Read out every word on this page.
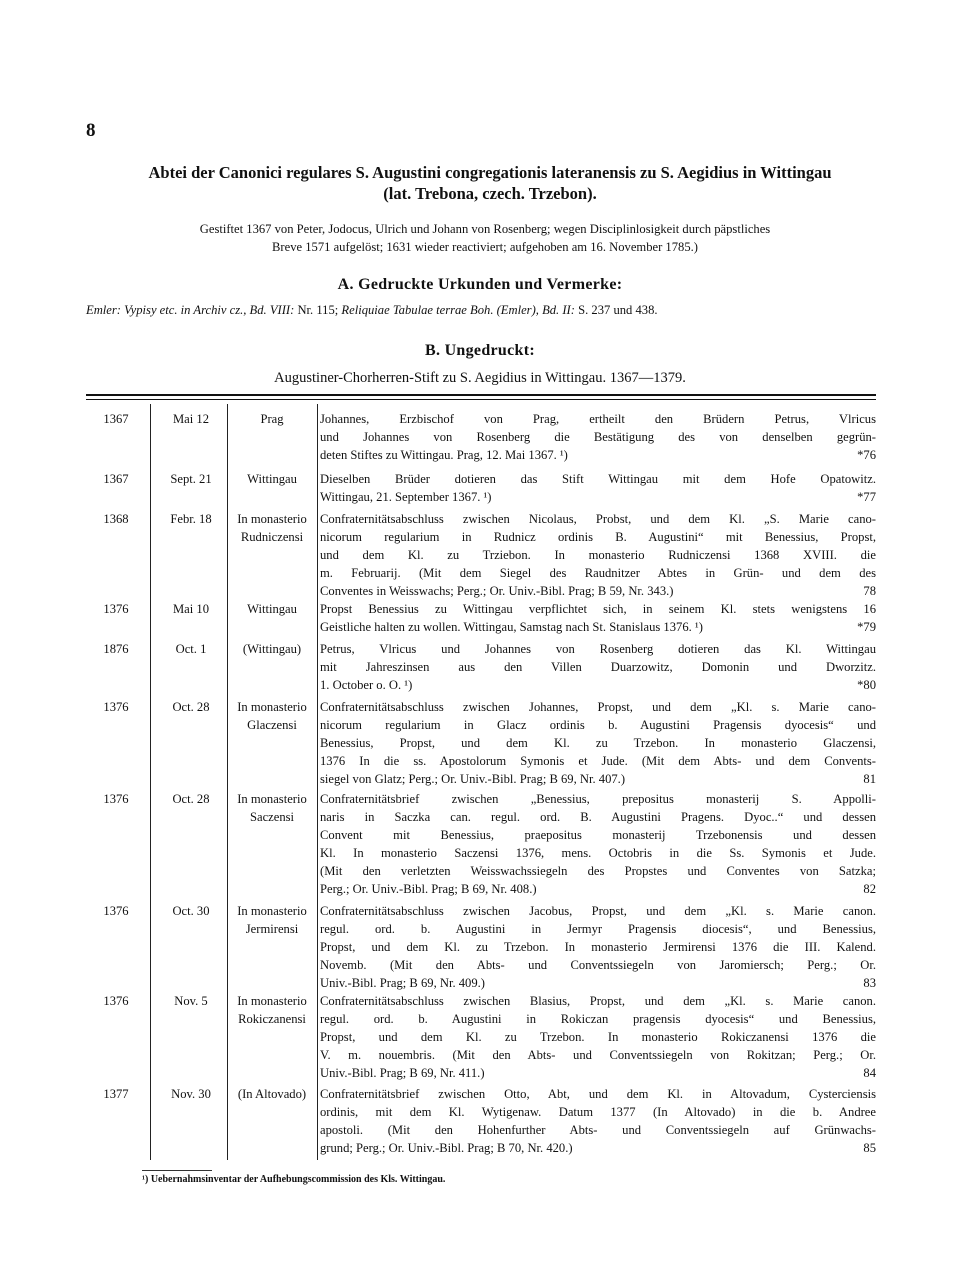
8
Abtei der Canonici regulares S. Augustini congregationis lateranensis zu S. Aegidius in Wittingau
(lat. Trebona, czech. Trzebon).
Gestiftet 1367 von Peter, Jodocus, Ulrich und Johann von Rosenberg; wegen Disciplinlosigkeit durch päpstliches
Breve 1571 aufgelöst; 1631 wieder reactiviert; aufgehoben am 16. November 1785.)
A. Gedruckte Urkunden und Vermerke:
Emler: Vypisy etc. in Archiv cz., Bd. VIII: Nr. 115; Reliquiae Tabulae terrae Boh. (Emler), Bd. II: S. 237 und 438.
B. Ungedruckt:
Augustiner-Chorherren-Stift zu S. Aegidius in Wittingau. 1367—1379.
1367	Mai 12	Prag	Johannes, Erzbischof von Prag, ertheilt den Brüdern Petrus, Vlricus
und Johannes von Rosenberg die Bestätigung des von denselben gegrün-
deten Stiftes zu Wittingau. Prag, 12. Mai 1367. ¹)	*76
1367	Sept. 21	Wittingau	Dieselben Brüder dotieren das Stift Wittingau mit dem Hofe Opatowitz.
Wittingau, 21. September 1367. ¹)	*77
1368	Febr. 18	In monasterio Rudniczensi
Confraternitätsabschluss zwischen Nicolaus, Probst, und dem Kl. „S. Marie cano-
nicorum regularium in Rudnicz ordinis B. Augustini“ mit Benessius, Propst,
und dem Kl. zu Trziebon. In monasterio Rudniczensi 1368 XVIII. die
m. Februarij. (Mit dem Siegel des Raudnitzer Abtes in Grün- und dem des
Conventes in Weisswachs; Perg.; Or. Univ.-Bibl. Prag; B 59, Nr. 343.)	78
1376	Mai 10	Wittingau	Propst Benessius zu Wittingau verpflichtet sich, in seinem Kl. stets wenigstens 16
Geistliche halten zu wollen. Wittingau, Samstag nach St. Stanislaus 1376. ¹)	*79
1876	Oct. 1	(Wittingau)	Petrus, Vlricus und Johannes von Rosenberg dotieren das Kl. Wittingau
mit Jahreszinsen aus den Villen Duarzowitz, Domonin und Dworzitz.
1. October o. O. ¹)	*80
1376	Oct. 28	In monasterio Glaczensi
Confraternitätsabschluss zwischen Johannes, Propst, und dem „Kl. s. Marie cano-
nicorum regularium in Glacz ordinis b. Augustini Pragensis dyocesis“ und
Benessius, Propst, und dem Kl. zu Trzebon. In monasterio Glaczensi,
1376 In die ss. Apostolorum Symonis et Jude. (Mit dem Abts- und dem Convents-
siegel von Glatz; Perg.; Or. Univ.-Bibl. Prag; B 69, Nr. 407.)	81
1376	Oct. 28	In monasterio Saczensi
Confraternitätsbrief zwischen „Benessius, prepositus monasterij S. Appolli-
naris in Saczka can. regul. ord. B. Augustini Pragens. Dyoc..“ und dessen
Convent mit Benessius, praepositus monasterij Trzebonensis und dessen
Kl. In monasterio Saczensi 1376, mens. Octobris in die Ss. Symonis et Jude.
(Mit den verletzten Weisswachssiegeln des Propstes und Conventes von Satzka;
Perg.; Or. Univ.-Bibl. Prag; B 69, Nr. 408.)	82
1376	Oct. 30	In monasterio Jermirensi
Confraternitätsabschluss zwischen Jacobus, Propst, und dem „Kl. s. Marie canon.
regul. ord. b. Augustini in Jermyr Pragensis diocesis“, und Benessius,
Propst, und dem Kl. zu Trzebon. In monasterio Jermirensi 1376 die III. Kalend.
Novemb. (Mit den Abts- und Conventssiegeln von Jaromiersch; Perg.; Or.
Univ.-Bibl. Prag; B 69, Nr. 409.)	83
1376	Nov. 5	In monasterio Rokiczanensi
Confraternitätsabschluss zwischen Blasius, Propst, und dem „Kl. s. Marie canon.
regul. ord. b. Augustini in Rokiczan pragensis dyocesis“ und Benessius,
Propst, und dem Kl. zu Trzebon. In monasterio Rokiczanensi 1376 die
V. m. nouembris. (Mit den Abts- und Conventssiegeln von Rokitzan; Perg.; Or.
Univ.-Bibl. Prag; B 69, Nr. 411.)	84
1377	Nov. 30	(In Altovado)	Confraternitätsbrief zwischen Otto, Abt, und dem Kl. in Altovadum, Cysterciensis
ordinis, mit dem Kl. Wytigenaw. Datum 1377 (In Altovado) in die b. Andree
apostoli. (Mit den Hohenfurther Abts- und Conventssiegeln auf Grünwachs-
grund; Perg.; Or. Univ.-Bibl. Prag; B 70, Nr. 420.)	85
¹) Uebernahmsinventar der Aufhebungscommission des Kls. Wittingau.
